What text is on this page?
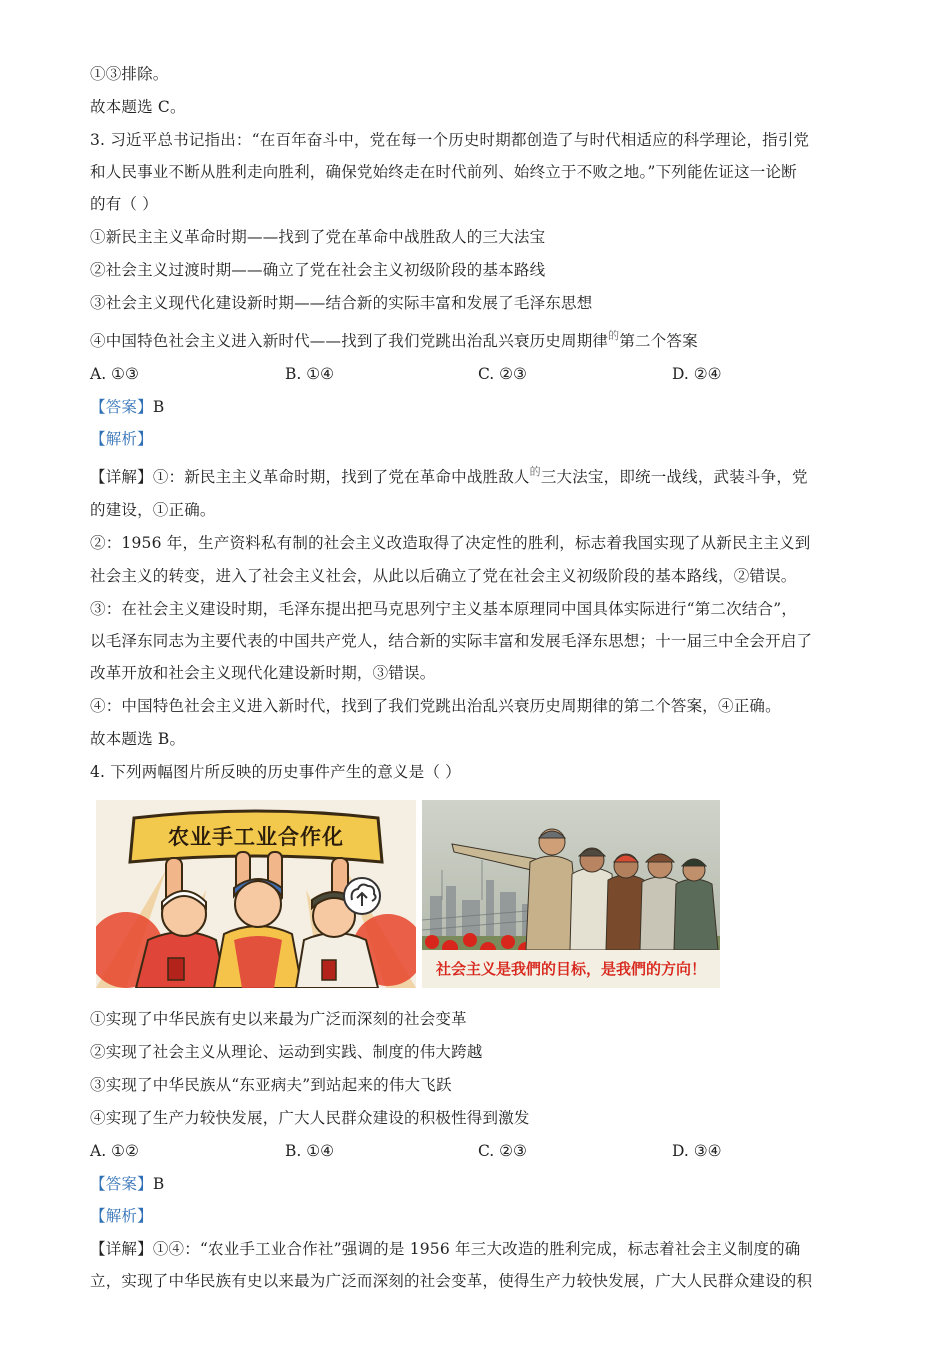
①③排除。
故本题选 C。
3. 习近平总书记指出：“在百年奋斗中，党在每一个历史时期都创造了与时代相适应的科学理论，指引党
和人民事业不断从胜利走向胜利，确保党始终走在时代前列、始终立于不败之地。”下列能佐证这一论断
的有（ ）
①新民主主义革命时期——找到了党在革命中战胜敌人的三大法宝
②社会主义过渡时期——确立了党在社会主义初级阶段的基本路线
③社会主义现代化建设新时期——结合新的实际丰富和发展了毛泽东思想
④中国特色社会主义进入新时代——找到了我们党跳出治乱兴衰历史周期律$^的$第二个答案
A. ①③	B. ①④	C. ②③	D. ②④
【答案】B
【解析】
【详解】①：新民主主义革命时期，找到了党在革命中战胜敌人$^的$三大法宝，即统一战线，武装斗争，党
的建设，①正确。
②：1956 年，生产资料私有制的社会主义改造取得了决定性的胜利，标志着我国实现了从新民主主义到
社会主义的转变，进入了社会主义社会，从此以后确立了党在社会主义初级阶段的基本路线，②错误。
③：在社会主义建设时期，毛泽东提出把马克思列宁主义基本原理同中国具体实际进行“第二次结合”，
以毛泽东同志为主要代表的中国共产党人，结合新的实际丰富和发展毛泽东思想；十一届三中全会开启了
改革开放和社会主义现代化建设新时期，③错误。
④：中国特色社会主义进入新时代，找到了我们党跳出治乱兴衰历史周期律的第二个答案，④正确。
故本题选 B。
4. 下列两幅图片所反映的历史事件产生的意义是（ ）
农业手工业合作化
社会主义是我們的目标，是我們的方向！
①实现了中华民族有史以来最为广泛而深刻的社会变革
②实现了社会主义从理论、运动到实践、制度的伟大跨越
③实现了中华民族从“东亚病夫”到站起来的伟大飞跃
④实现了生产力较快发展，广大人民群众建设的积极性得到激发
A. ①②	B. ①④	C. ②③	D. ③④
【答案】B
【解析】
【详解】①④：“农业手工业合作社”强调的是 1956 年三大改造的胜利完成，标志着社会主义制度的确
立，实现了中华民族有史以来最为广泛而深刻的社会变革，使得生产力较快发展，广大人民群众建设的积
